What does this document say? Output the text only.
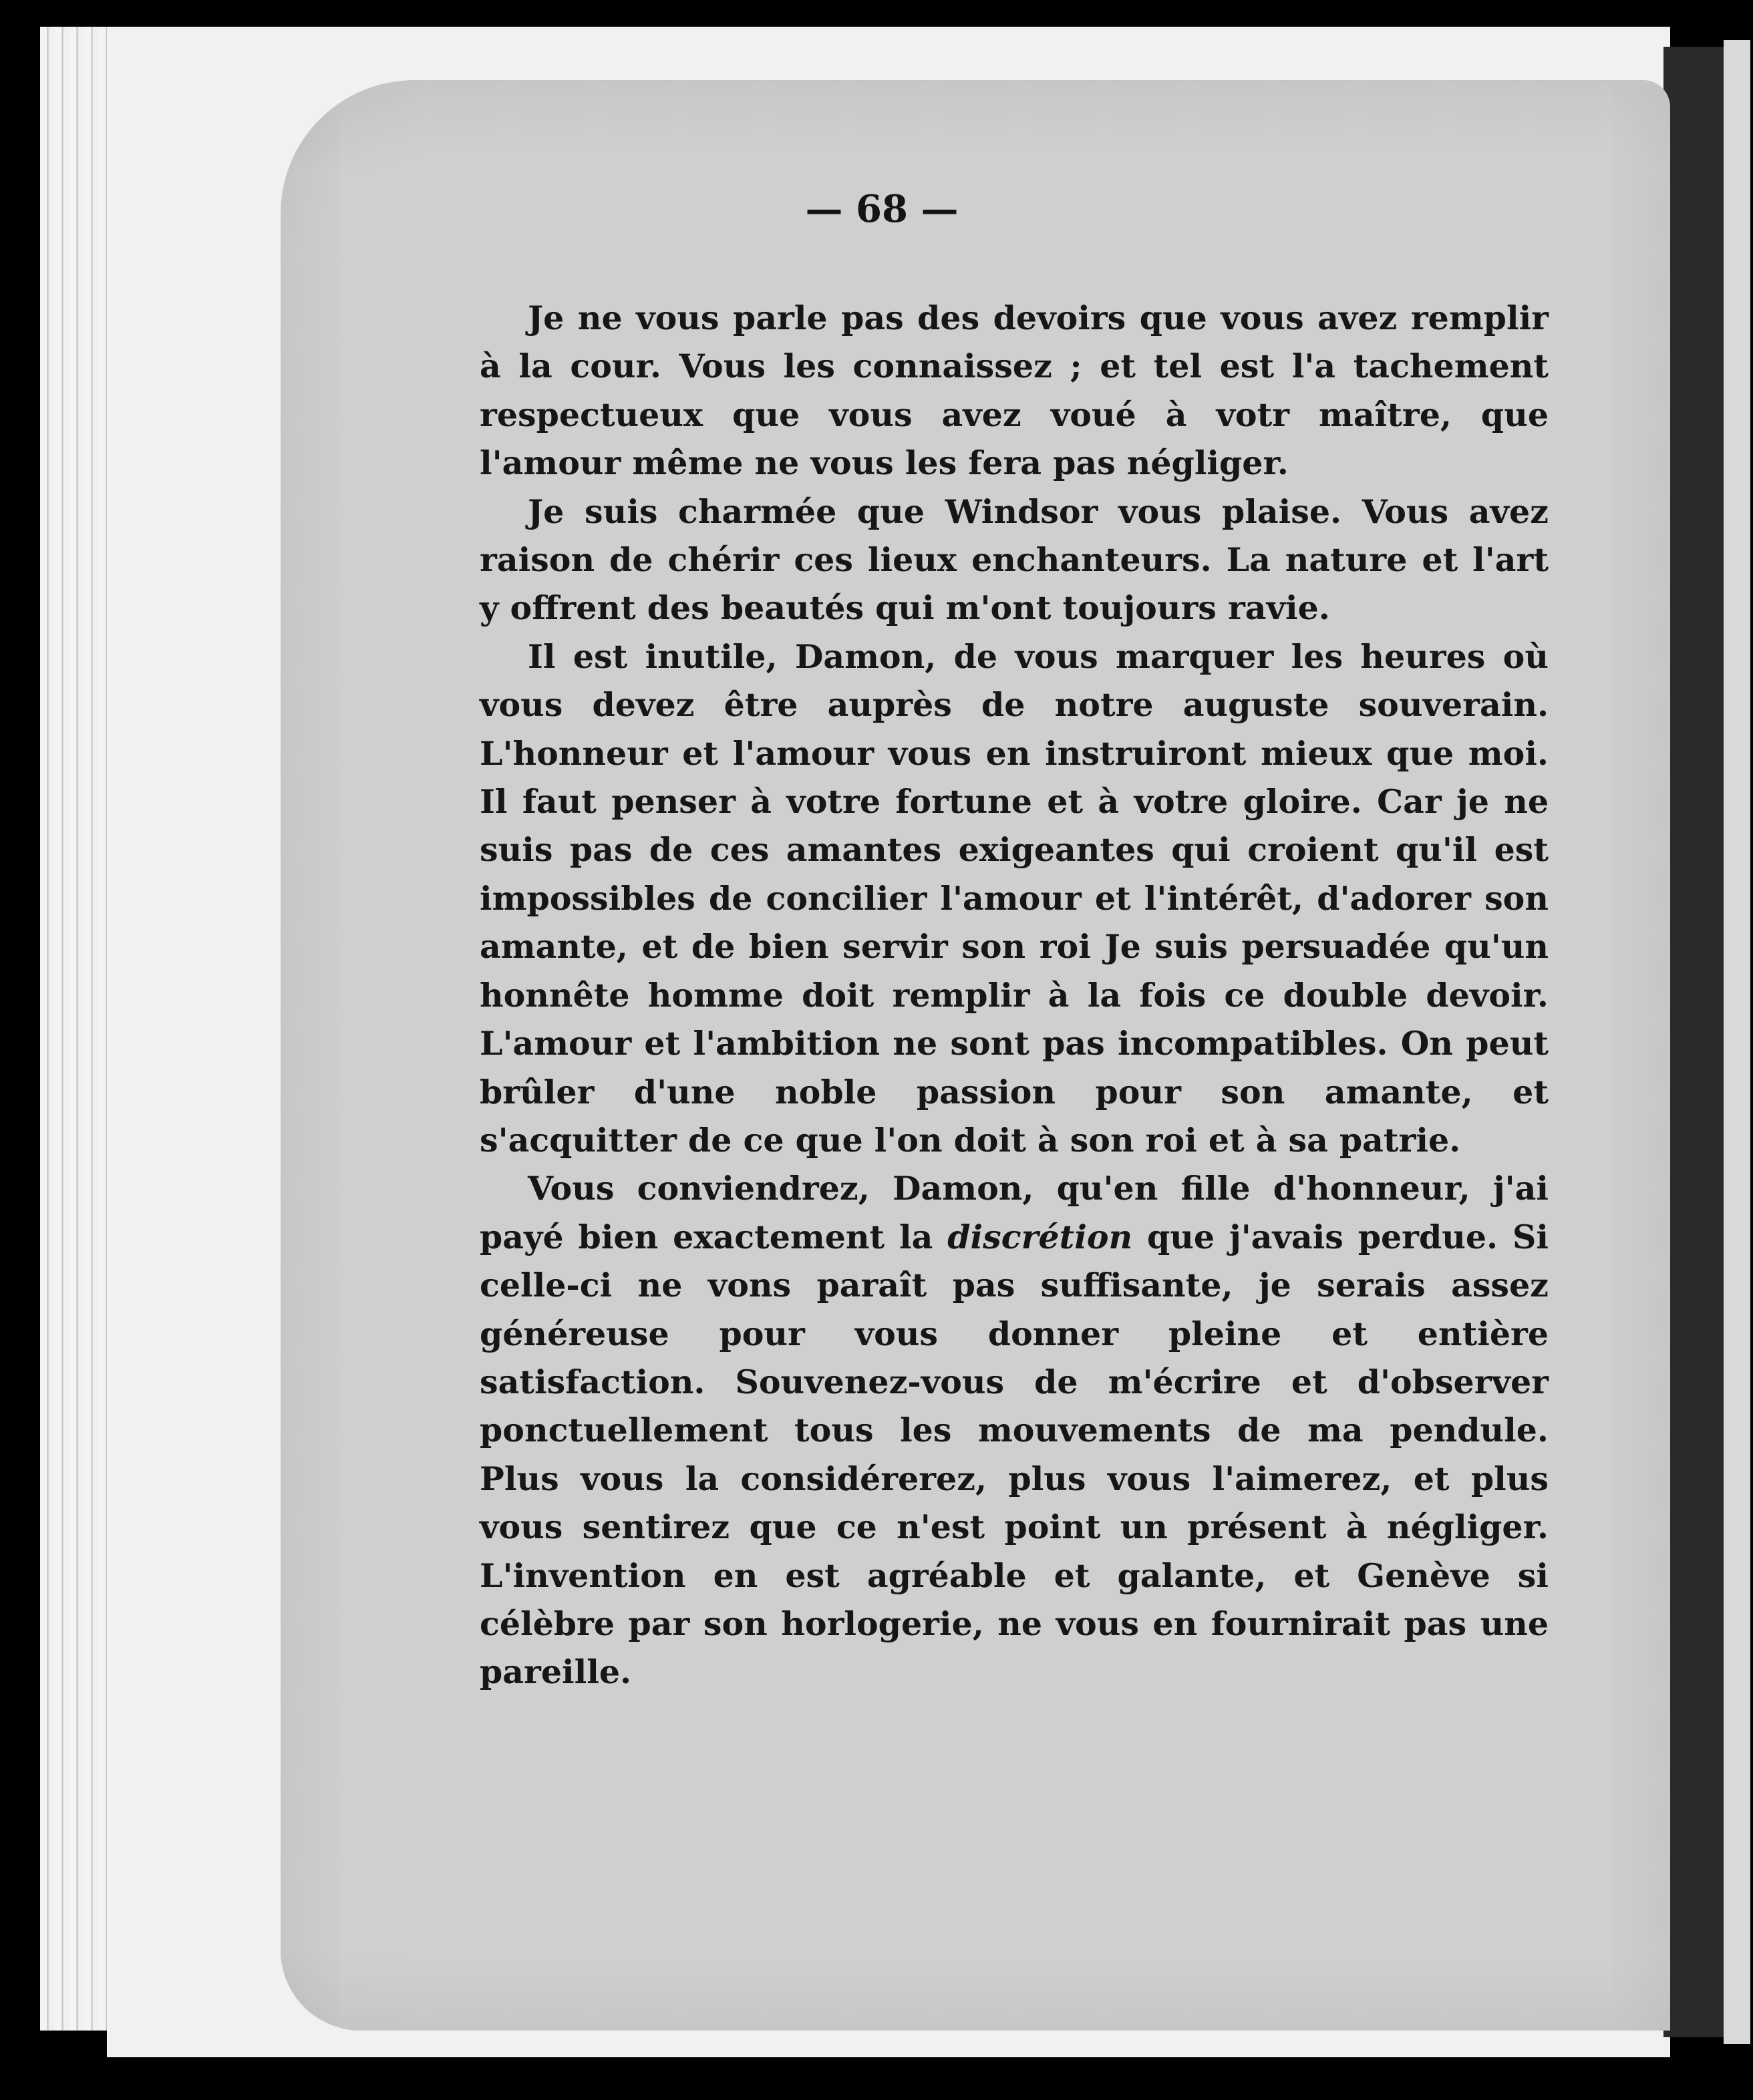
— 68 —

Je ne vous parle pas des devoirs que vous avez remplir à la cour. Vous les connaissez ; et tel est l'a tachement respectueux que vous avez voué à votr maître, que l'amour même ne vous les fera pas négliger.

Je suis charmée que Windsor vous plaise. Vous avez raison de chérir ces lieux enchanteurs. La nature et l'art y offrent des beautés qui m'ont toujours ravie.

Il est inutile, Damon, de vous marquer les heures où vous devez être auprès de notre auguste souverain. L'honneur et l'amour vous en instruiront mieux que moi. Il faut penser à votre fortune et à votre gloire. Car je ne suis pas de ces amantes exigeantes qui croient qu'il est impossibles de concilier l'amour et l'intérêt, d'adorer son amante, et de bien servir son roi Je suis persuadée qu'un honnête homme doit remplir à la fois ce double devoir. L'amour et l'ambition ne sont pas incompatibles. On peut brûler d'une noble passion pour son amante, et s'acquitter de ce que l'on doit à son roi et à sa patrie.

Vous conviendrez, Damon, qu'en fille d'honneur, j'ai payé bien exactement la discrétion que j'avais perdue. Si celle-ci ne vons paraît pas suffisante, je serais assez généreuse pour vous donner pleine et entière satisfaction. Souvenez-vous de m'écrire et d'observer ponctuellement tous les mouvements de ma pendule. Plus vous la considérerez, plus vous l'aimerez, et plus vous sentirez que ce n'est point un présent à négliger. L'invention en est agréable et galante, et Genève si célèbre par son horlogerie, ne vous en fournirait pas une pareille.
